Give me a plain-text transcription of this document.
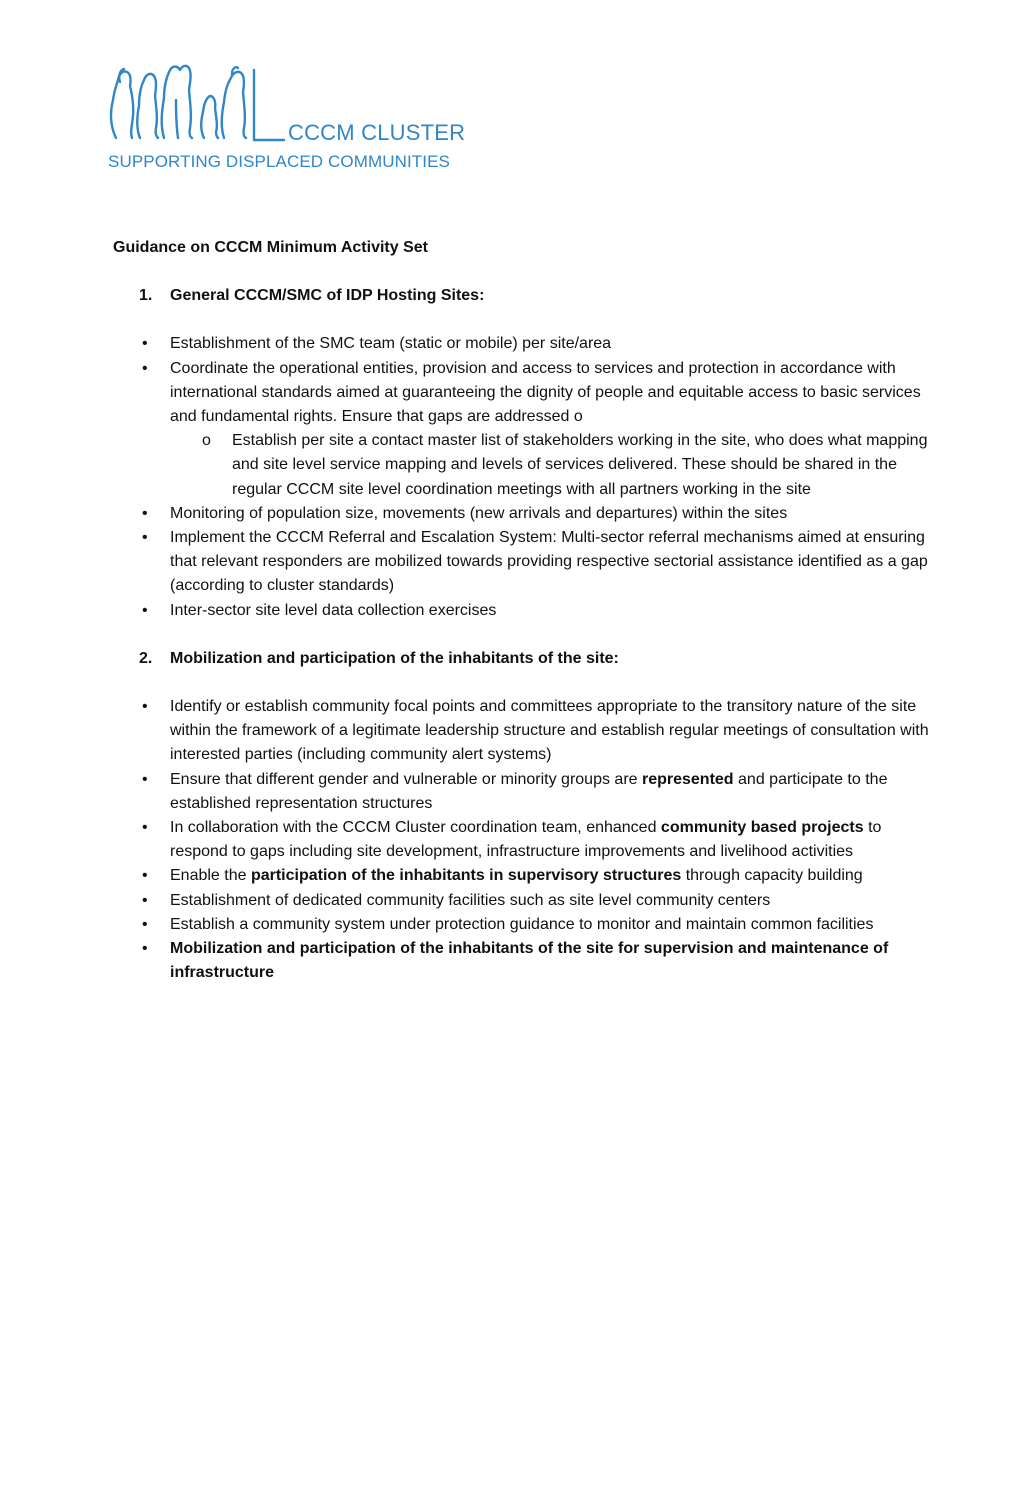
CCCM CLUSTER
SUPPORTING DISPLACED COMMUNITIES
Guidance on CCCM Minimum Activity Set
1. General CCCM/SMC of IDP Hosting Sites:
• Establishment of the SMC team (static or mobile) per site/area
• Coordinate the operational entities, provision and access to services and protection in accordance with international standards aimed at guaranteeing the dignity of people and equitable access to basic services and fundamental rights. Ensure that gaps are addressed o
o Establish per site a contact master list of stakeholders working in the site, who does what mapping and site level service mapping and levels of services delivered. These should be shared in the regular CCCM site level coordination meetings with all partners working in the site
• Monitoring of population size, movements (new arrivals and departures) within the sites
• Implement the CCCM Referral and Escalation System: Multi-sector referral mechanisms aimed at ensuring that relevant responders are mobilized towards providing respective sectorial assistance identified as a gap (according to cluster standards)
• Inter-sector site level data collection exercises
2. Mobilization and participation of the inhabitants of the site:
• Identify or establish community focal points and committees appropriate to the transitory nature of the site within the framework of a legitimate leadership structure and establish regular meetings of consultation with interested parties (including community alert systems)
• Ensure that different gender and vulnerable or minority groups are represented and participate to the established representation structures
• In collaboration with the CCCM Cluster coordination team, enhanced community based projects to respond to gaps including site development, infrastructure improvements and livelihood activities
• Enable the participation of the inhabitants in supervisory structures through capacity building
• Establishment of dedicated community facilities such as site level community centers
• Establish a community system under protection guidance to monitor and maintain common facilities
• Mobilization and participation of the inhabitants of the site for supervision and maintenance of infrastructure
